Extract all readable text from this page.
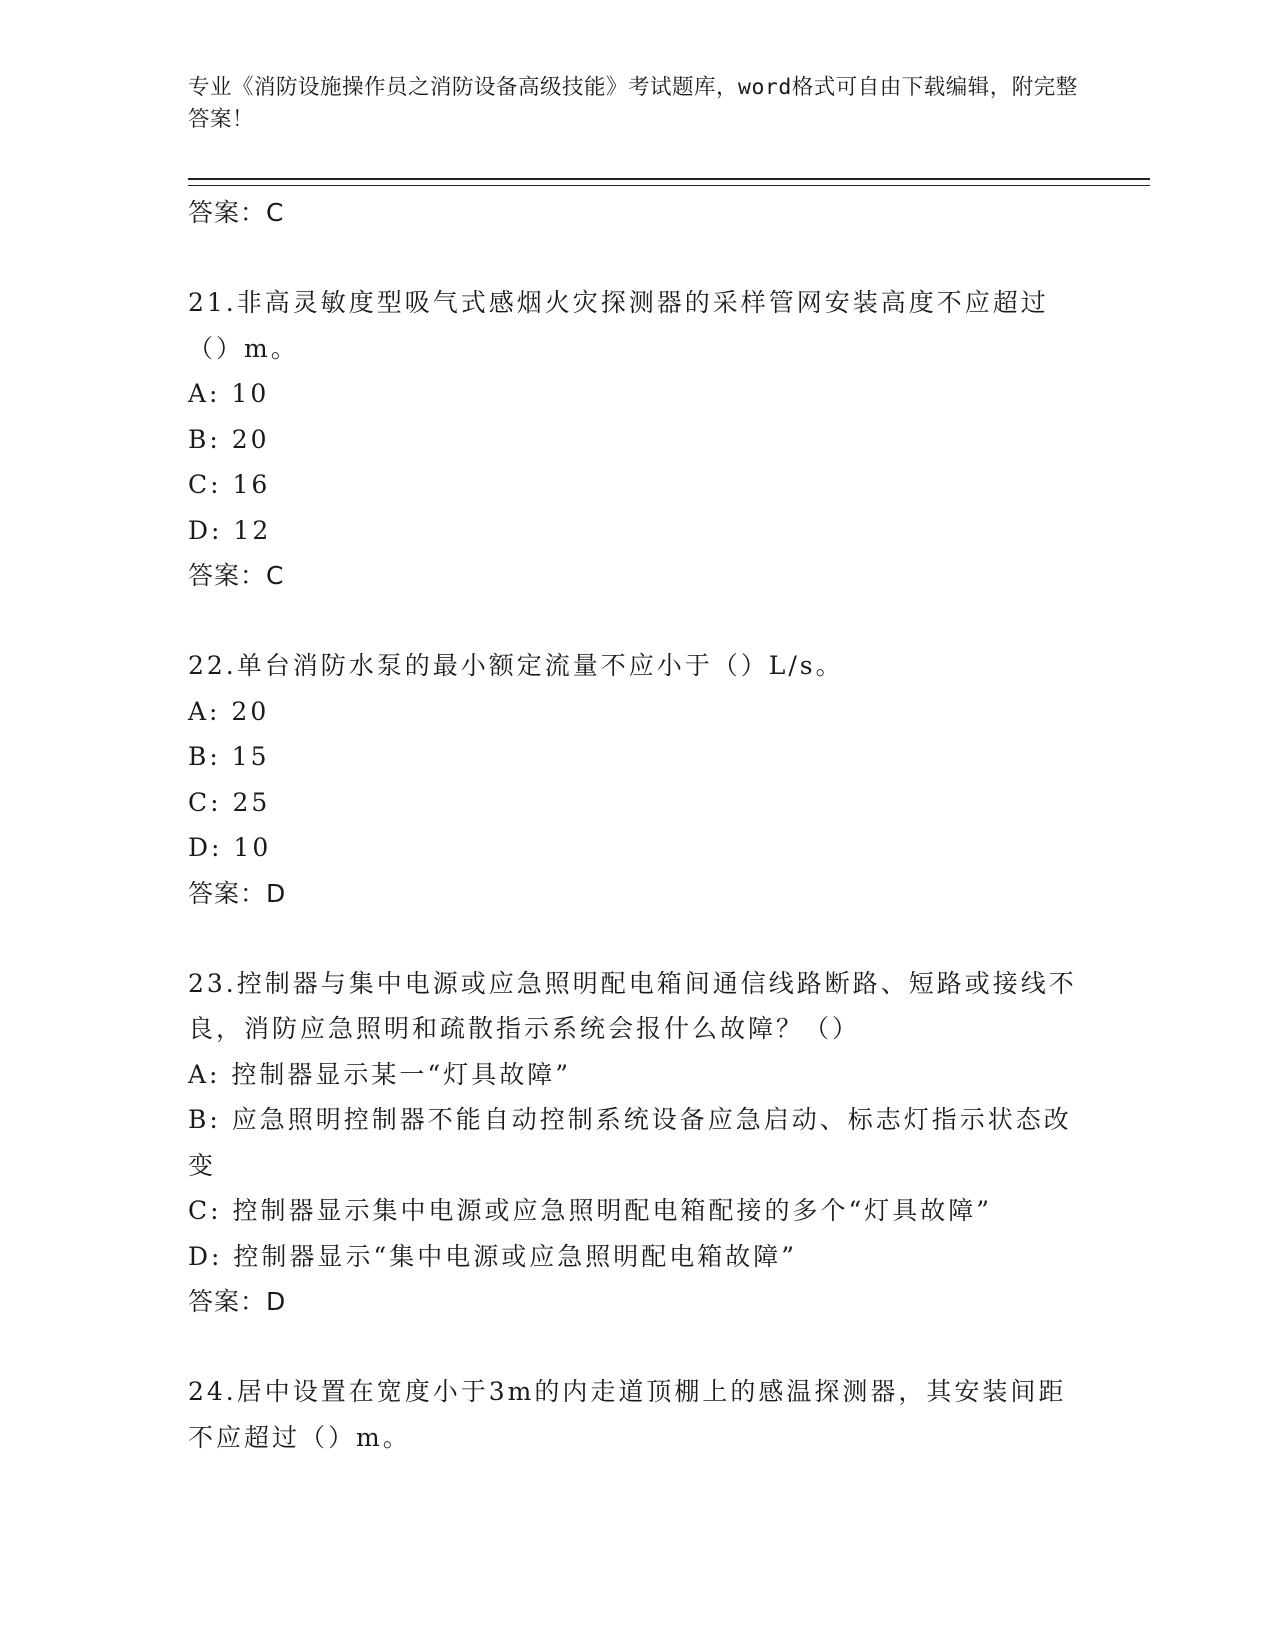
专业《消防设施操作员之消防设备高级技能》考试题库，word格式可自由下载编辑，附完整答案！
答案：C
21.非高灵敏度型吸气式感烟火灾探测器的采样管网安装高度不应超过（）m。
A: 10
B: 20
C: 16
D: 12
答案：C
22.单台消防水泵的最小额定流量不应小于（）L/s。
A: 20
B: 15
C: 25
D: 10
答案：D
23.控制器与集中电源或应急照明配电箱间通信线路断路、短路或接线不良，消防应急照明和疏散指示系统会报什么故障？（）
A: 控制器显示某一“灯具故障”
B: 应急照明控制器不能自动控制系统设备应急启动、标志灯指示状态改变
C: 控制器显示集中电源或应急照明配电箱配接的多个“灯具故障”
D: 控制器显示“集中电源或应急照明配电箱故障”
答案：D
24.居中设置在宽度小于3m的内走道顶棚上的感温探测器，其安装间距不应超过（）m。
